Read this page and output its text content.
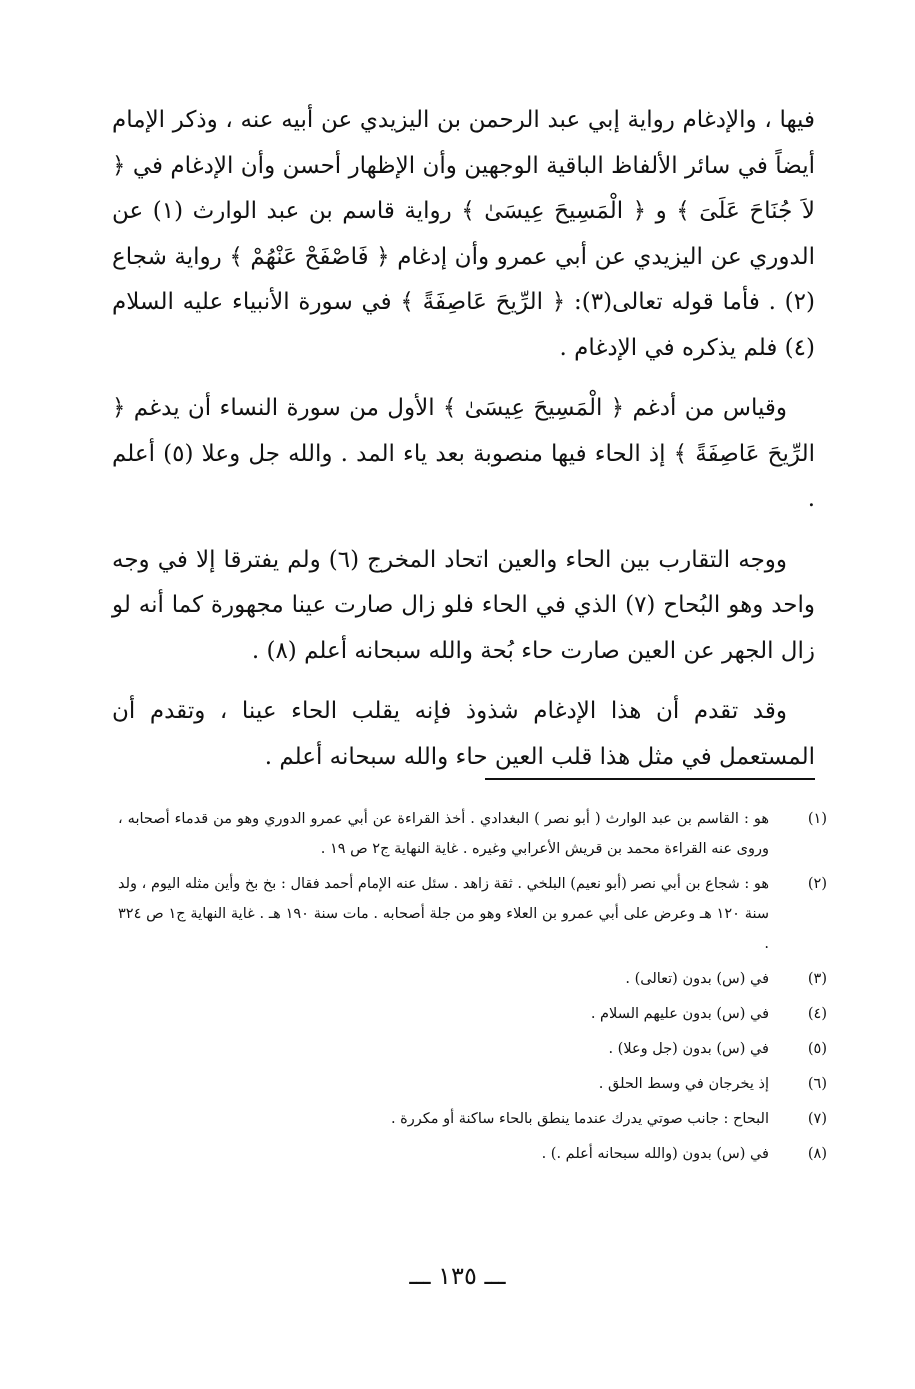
فيها ، والإدغام رواية إبي عبد الرحمن بن اليزيدي عن أبيه عنه ، وذكر الإمام أيضاً في سائر الألفاظ الباقية الوجهين وأن الإظهار أحسن وأن الإدغام في ﴿ لاَ جُنَاحَ عَلَىَ ﴾ و ﴿ الْمَسِيحَ عِيسَىٰ ﴾ رواية قاسم بن عبد الوارث (١) عن الدوري عن اليزيدي عن أبي عمرو وأن إدغام ﴿ فَاصْفَحْ عَنْهُمْ ﴾ رواية شجاع (٢) . فأما قوله تعالى(٣): ﴿ الرِّيحَ عَاصِفَةً ﴾ في سورة الأنبياء عليه السلام (٤) فلم يذكره في الإدغام .

وقياس من أدغم ﴿ الْمَسِيحَ عِيسَىٰ ﴾ الأول من سورة النساء أن يدغم ﴿ الرِّيحَ عَاصِفَةً ﴾ إذ الحاء فيها منصوبة بعد ياء المد . والله جل وعلا (٥) أعلم .

ووجه التقارب بين الحاء والعين اتحاد المخرج (٦) ولم يفترقا إلا في وجه واحد وهو البُحاح (٧) الذي في الحاء فلو زال صارت عينا مجهورة كما أنه لو زال الجهر عن العين صارت حاء بُحة والله سبحانه أعلم (٨) .

وقد تقدم أن هذا الإدغام شذوذ فإنه يقلب الحاء عينا ، وتقدم أن المستعمل في مثل هذا قلب العين حاء والله سبحانه أعلم .

(١)
هو : القاسم بن عبد الوارث ( أبو نصر ) البغدادي . أخذ القراءة عن أبي عمرو الدوري وهو من قدماء أصحابه ، وروى عنه القراءة محمد بن قريش الأعرابي وغيره . غاية النهاية ج٢ ص ١٩ .
(٢)
هو : شجاع بن أبي نصر (أبو نعيم) البلخي . ثقة زاهد . سئل عنه الإمام أحمد فقال : بخ بخ وأين مثله اليوم ، ولد سنة ١٢٠ هـ وعرض على أبي عمرو بن العلاء وهو من جلة أصحابه . مات سنة ١٩٠ هـ . غاية النهاية ج١ ص ٣٢٤ .
(٣)
في (س) بدون (تعالى) .
(٤)
في (س) بدون عليهم السلام .
(٥)
في (س) بدون (جل وعلا) .
(٦)
إذ يخرجان في وسط الحلق .
(٧)
البحاح : جانب صوتي يدرك عندما ينطق بالحاء ساكنة أو مكررة .
(٨)
في (س) بدون (والله سبحانه أعلم .) .
ـــ ١٣٥ ـــ
